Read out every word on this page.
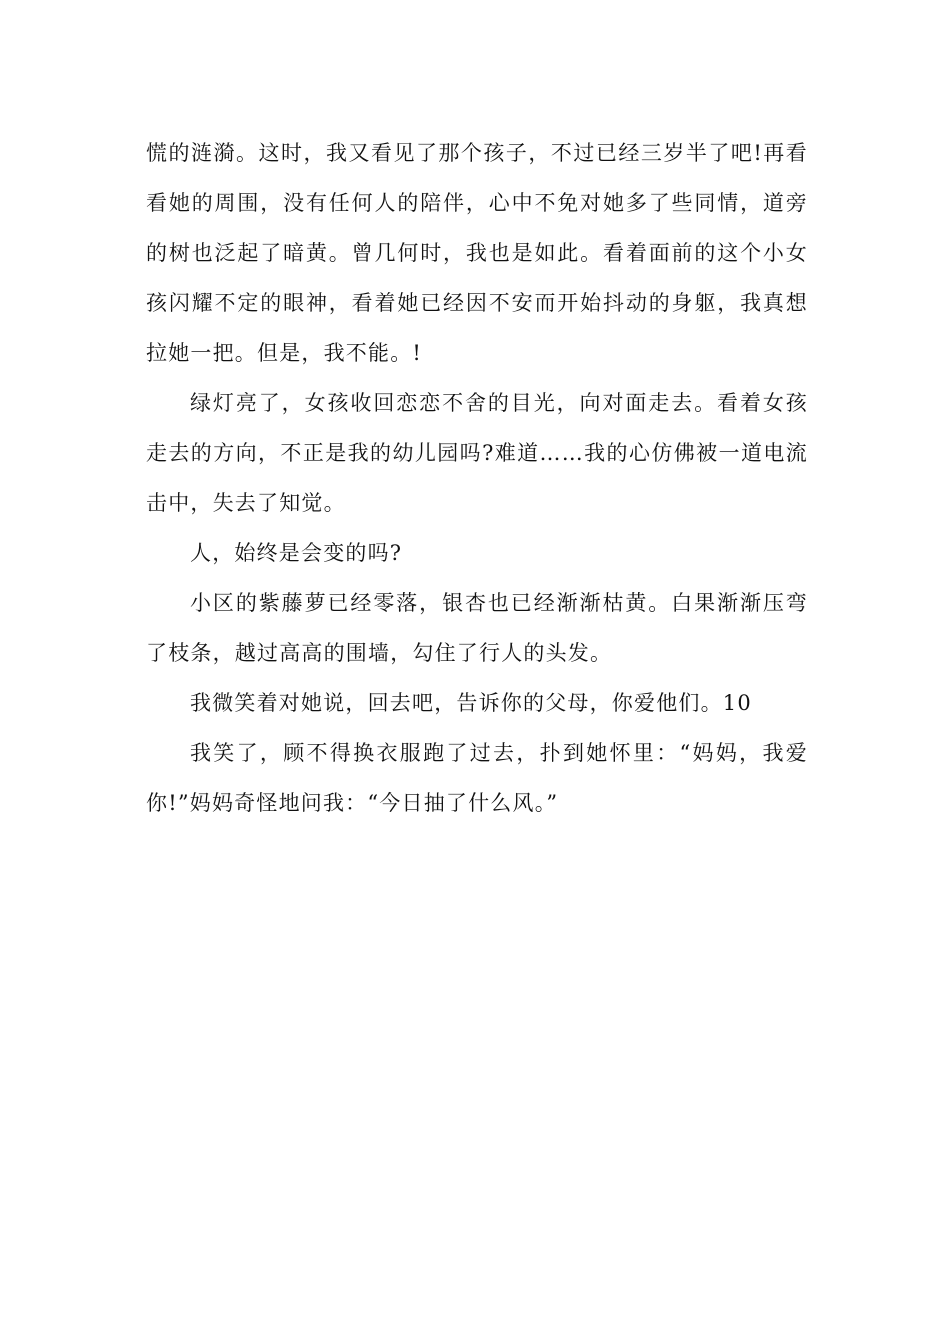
慌的涟漪。这时，我又看见了那个孩子，不过已经三岁半了吧!再看看她的周围，没有任何人的陪伴，心中不免对她多了些同情，道旁的树也泛起了暗黄。曾几何时，我也是如此。看着面前的这个小女孩闪耀不定的眼神，看着她已经因不安而开始抖动的身躯，我真想拉她一把。但是，我不能。!

绿灯亮了，女孩收回恋恋不舍的目光，向对面走去。看着女孩走去的方向，不正是我的幼儿园吗?难道……我的心仿佛被一道电流击中，失去了知觉。

人，始终是会变的吗?

小区的紫藤萝已经零落，银杏也已经渐渐枯黄。白果渐渐压弯了枝条，越过高高的围墙，勾住了行人的头发。

我微笑着对她说，回去吧，告诉你的父母，你爱他们。10

我笑了，顾不得换衣服跑了过去，扑到她怀里：“妈妈，我爱你!”妈妈奇怪地问我：“今日抽了什么风。”
